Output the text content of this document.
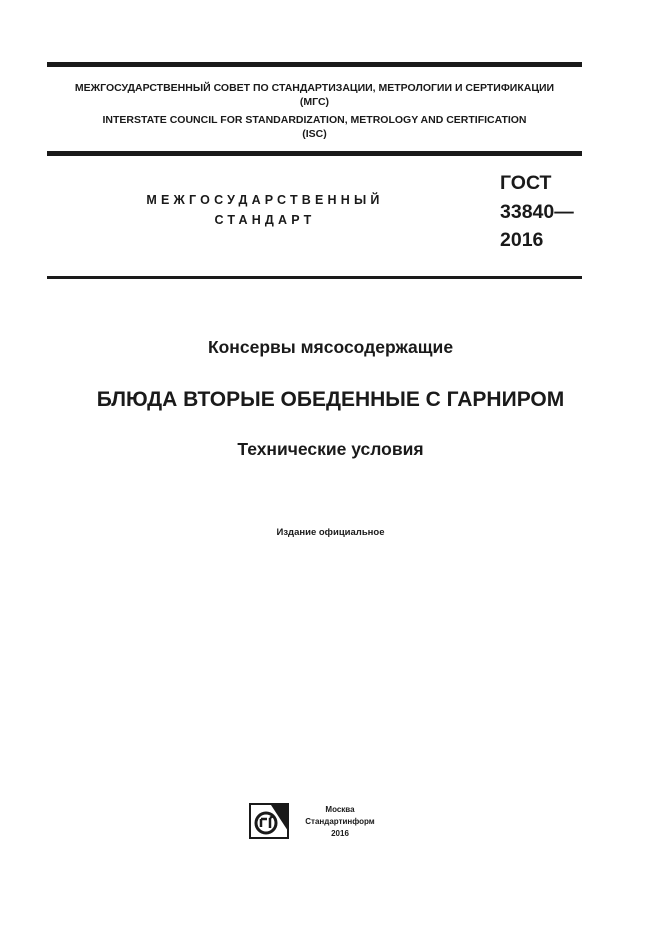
МЕЖГОСУДАРСТВЕННЫЙ СОВЕТ ПО СТАНДАРТИЗАЦИИ, МЕТРОЛОГИИ И СЕРТИФИКАЦИИ
(МГС)
INTERSTATE COUNCIL FOR STANDARDIZATION, METROLOGY AND CERTIFICATION
(ISC)
МЕЖГОСУДАРСТВЕННЫЙ
СТАНДАРТ
ГОСТ
33840—
2016
Консервы мясосодержащие
БЛЮДА ВТОРЫЕ ОБЕДЕННЫЕ С ГАРНИРОМ
Технические условия
Издание официальное
Москва
Стандартинформ
2016
